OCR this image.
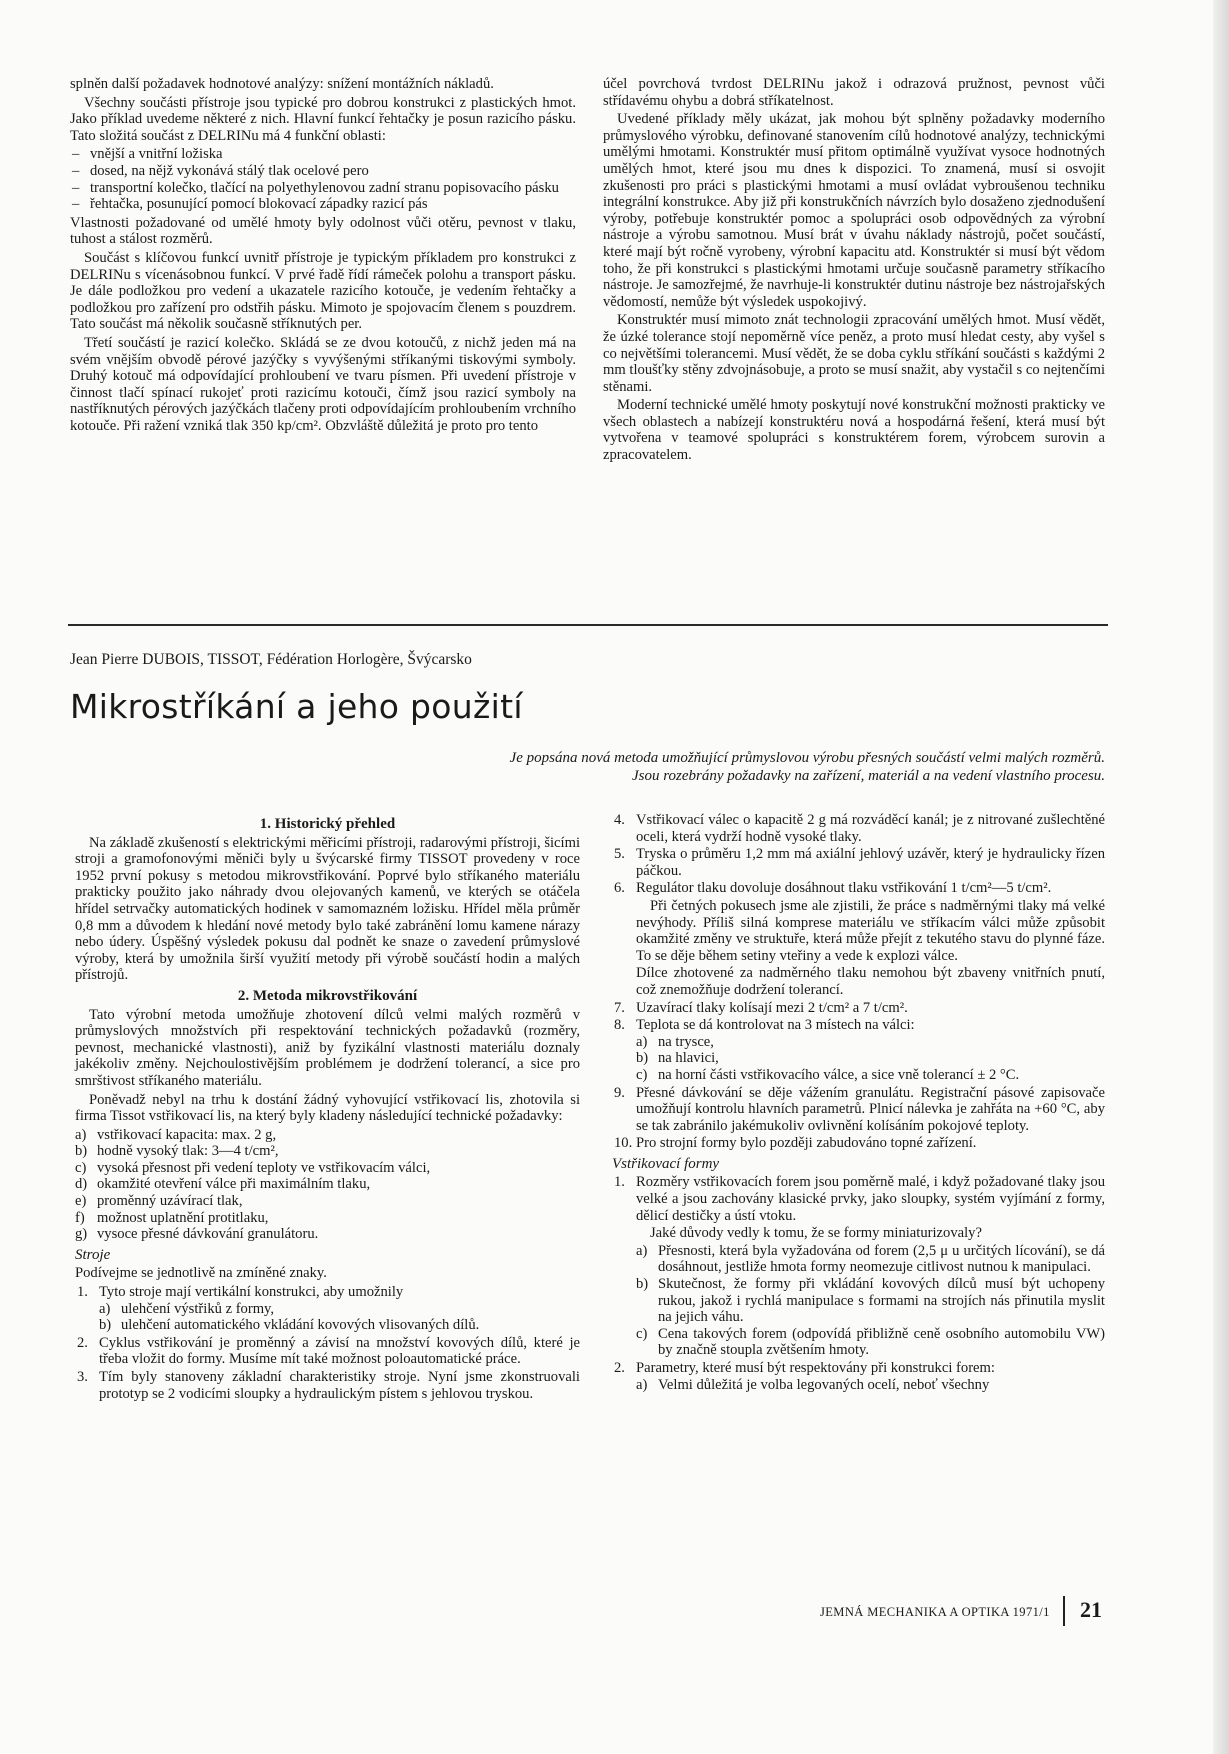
splněn další požadavek hodnotové analýzy: snížení montážních nákladů.

Všechny součásti přístroje jsou typické pro dobrou konstrukci z plastických hmot. Jako příklad uvedeme některé z nich. Hlavní funkcí řehtačky je posun razicího pásku. Tato složitá součást z DELRINu má 4 funkční oblasti:

– vnější a vnitřní ložiska
– dosed, na nějž vykonává stálý tlak ocelové pero
– transportní kolečko, tlačící na polyethylenovou zadní stranu popisovacího pásku
– řehtačka, posunující pomocí blokovací západky razicí pás

Vlastnosti požadované od umělé hmoty byly odolnost vůči otěru, pevnost v tlaku, tuhost a stálost rozměrů.

Součást s klíčovou funkcí uvnitř přístroje je typickým příkladem pro konstrukci z DELRINu s vícenásobnou funkcí. V prvé řadě řídí rámeček polohu a transport pásku. Je dále podložkou pro vedení a ukazatele razicího kotouče, je vedením řehtačky a podložkou pro zařízení pro odstřih pásku. Mimoto je spojovacím členem s pouzdrem. Tato součást má několik současně stříknutých per.

Třetí součástí je razicí kolečko. Skládá se ze dvou kotoučů, z nichž jeden má na svém vnějším obvodě pérové jazýčky s vyvýšenými stříkanými tiskovými symboly. Druhý kotouč má odpovídající prohloubení ve tvaru písmen. Při uvedení přístroje v činnost tlačí spínací rukojeť proti razicímu kotouči, čímž jsou razicí symboly na nastříknutých pérových jazýčkách tlačeny proti odpovídajícím prohloubením vrchního kotouče. Při ražení vzniká tlak 350 kp/cm². Obzvláště důležitá je proto pro tento

účel povrchová tvrdost DELRINu jakož i odrazová pružnost, pevnost vůči střídavému ohybu a dobrá stříkatelnost.

Uvedené příklady měly ukázat, jak mohou být splněny požadavky moderního průmyslového výrobku, definované stanovením cílů hodnotové analýzy, technickými umělými hmotami. Konstruktér musí přitom optimálně využívat vysoce hodnotných umělých hmot, které jsou mu dnes k dispozici. To znamená, musí si osvojit zkušenosti pro práci s plastickými hmotami a musí ovládat vybroušenou techniku integrální konstrukce. Aby již při konstrukčních návrzích bylo dosaženo zjednodušení výroby, potřebuje konstruktér pomoc a spolupráci osob odpovědných za výrobní nástroje a výrobu samotnou. Musí brát v úvahu náklady nástrojů, počet součástí, které mají být ročně vyrobeny, výrobní kapacitu atd. Konstruktér si musí být vědom toho, že při konstrukci s plastickými hmotami určuje současně parametry stříkacího nástroje. Je samozřejmé, že navrhuje-li konstruktér dutinu nástroje bez nástrojařských vědomostí, nemůže být výsledek uspokojivý.

Konstruktér musí mimoto znát technologii zpracování umělých hmot. Musí vědět, že úzké tolerance stojí nepoměrně více peněz, a proto musí hledat cesty, aby vyšel s co největšími tolerancemi. Musí vědět, že se doba cyklu stříkání součásti s každými 2 mm tloušťky stěny zdvojnásobuje, a proto se musí snažit, aby vystačil s co nejtenčími stěnami.

Moderní technické umělé hmoty poskytují nové konstrukční možnosti prakticky ve všech oblastech a nabízejí konstruktéru nová a hospodárná řešení, která musí být vytvořena v teamové spolupráci s konstruktérem forem, výrobcem surovin a zpracovatelem.

Jean Pierre DUBOIS, TISSOT, Fédération Horlogère, Švýcarsko
Mikrostříkání a jeho použití
Je popsána nová metoda umožňující průmyslovou výrobu přesných součástí velmi malých rozměrů.
Jsou rozebrány požadavky na zařízení, materiál a na vedení vlastního procesu.
1. Historický přehled

Na základě zkušeností s elektrickými měřicími přístroji, radarovými přístroji, šicími stroji a gramofonovými měniči byly u švýcarské firmy TISSOT provedeny v roce 1952 první pokusy s metodou mikrovstřikování. Poprvé bylo stříkaného materiálu prakticky použito jako náhrady dvou olejovaných kamenů, ve kterých se otáčela hřídel setrvačky automatických hodinek v samomazném ložisku. Hřídel měla průměr 0,8 mm a důvodem k hledání nové metody bylo také zabránění lomu kamene nárazy nebo údery. Úspěšný výsledek pokusu dal podnět ke snaze o zavedení průmyslové výroby, která by umožnila širší využití metody při výrobě součástí hodin a malých přístrojů.

2. Metoda mikrovstřikování

Tato výrobní metoda umožňuje zhotovení dílců velmi malých rozměrů v průmyslových množstvích při respektování technických požadavků (rozměry, pevnost, mechanické vlastnosti), aniž by fyzikální vlastnosti materiálu doznaly jakékoliv změny. Nejchoulostivějším problémem je dodržení tolerancí, a sice pro smrštivost stříkaného materiálu.

Poněvadž nebyl na trhu k dostání žádný vyhovující vstřikovací lis, zhotovila si firma Tissot vstřikovací lis, na který byly kladeny následující technické požadavky:

a) vstřikovací kapacita: max. 2 g,
b) hodně vysoký tlak: 3—4 t/cm²,
c) vysoká přesnost při vedení teploty ve vstřikovacím válci,
d) okamžité otevření válce při maximálním tlaku,
e) proměnný uzávírací tlak,
f) možnost uplatnění protitlaku,
g) vysoce přesné dávkování granulátoru.
Stroje

Podívejme se jednotlivě na zmíněné znaky.

1. Tyto stroje mají vertikální konstrukci, aby umožnily
a) ulehčení výstřiků z formy,
b) ulehčení automatického vkládání kovových vlisovaných dílů.
2. Cyklus vstřikování je proměnný a závisí na množství kovových dílů, které je třeba vložit do formy. Musíme mít také možnost poloautomatické práce.
3. Tím byly stanoveny základní charakteristiky stroje. Nyní jsme zkonstruovali prototyp se 2 vodicími sloupky a hydraulickým pístem s jehlovou tryskou.
4. Vstřikovací válec o kapacitě 2 g má rozváděcí kanál; je z nitrované zušlechtěné oceli, která vydrží hodně vysoké tlaky.
5. Tryska o průměru 1,2 mm má axiální jehlový uzávěr, který je hydraulicky řízen páčkou.
6. Regulátor tlaku dovoluje dosáhnout tlaku vstřikování 1 t/cm²—5 t/cm².
Při četných pokusech jsme ale zjistili, že práce s nadměrnými tlaky má velké nevýhody. Příliš silná komprese materiálu ve stříkacím válci může způsobit okamžité změny ve struktuře, která může přejít z tekutého stavu do plynné fáze. To se děje během setiny vteřiny a vede k explozi válce.
Dílce zhotovené za nadměrného tlaku nemohou být zbaveny vnitřních pnutí, což znemožňuje dodržení tolerancí.
7. Uzavírací tlaky kolísají mezi 2 t/cm² a 7 t/cm².
8. Teplota se dá kontrolovat na 3 místech na válci:
a) na trysce,
b) na hlavici,
c) na horní části vstřikovacího válce, a sice vně tolerancí ± 2 °C.
9. Přesné dávkování se děje vážením granulátu. Registrační pásové zapisovače umožňují kontrolu hlavních parametrů. Plnicí nálevka je zahřáta na +60 °C, aby se tak zabránilo jakémukoliv ovlivnění kolísáním pokojové teploty.
10. Pro strojní formy bylo později zabudováno topné zařízení.
Vstřikovací formy
1. Rozměry vstřikovacích forem jsou poměrně malé, i když požadované tlaky jsou velké a jsou zachovány klasické prvky, jako sloupky, systém vyjímání z formy, dělicí destičky a ústí vtoku.
Jaké důvody vedly k tomu, že se formy miniaturizovaly?
a) Přesnosti, která byla vyžadována od forem (2,5 μ u určitých lícování), se dá dosáhnout, jestliže hmota formy neomezuje citlivost nutnou k manipulaci.
b) Skutečnost, že formy při vkládání kovových dílců musí být uchopeny rukou, jakož i rychlá manipulace s formami na strojích nás přinutila myslit na jejich váhu.
c) Cena takových forem (odpovídá přibližně ceně osobního automobilu VW) by značně stoupla zvětšením hmoty.
2. Parametry, které musí být respektovány při konstrukci forem:
a) Velmi důležitá je volba legovaných ocelí, neboť všechny
JEMNÁ MECHANIKA A OPTIKA 1971/1 21
